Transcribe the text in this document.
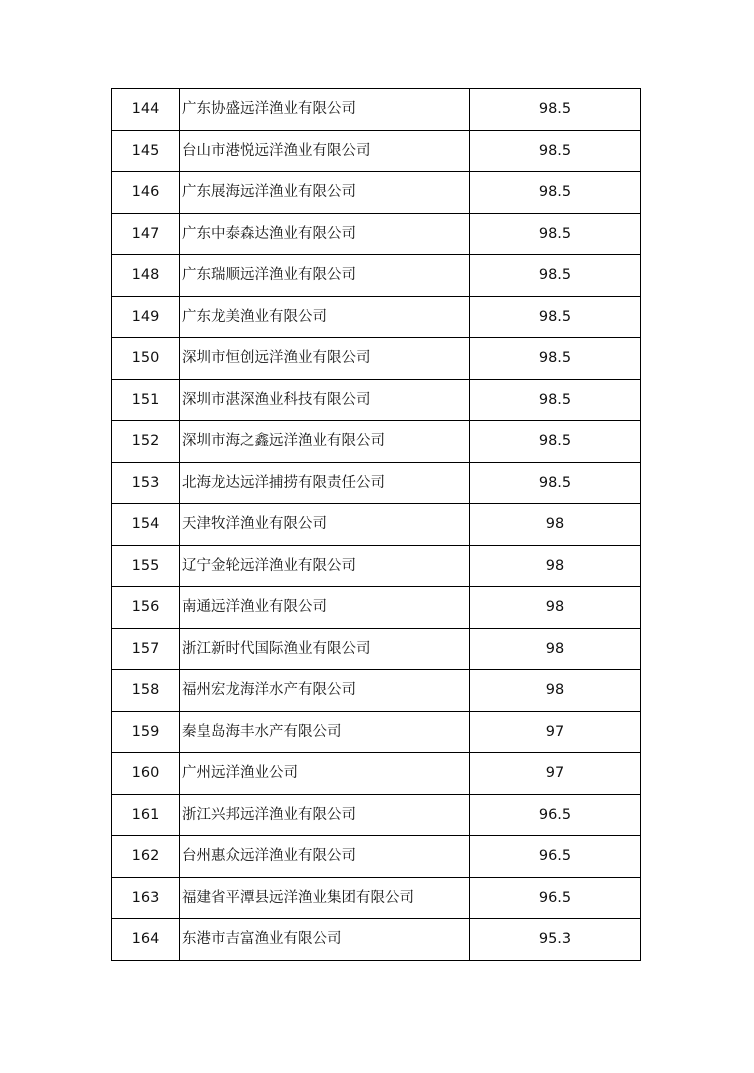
144	广东协盛远洋渔业有限公司	98.5
145	台山市港悦远洋渔业有限公司	98.5
146	广东展海远洋渔业有限公司	98.5
147	广东中泰森达渔业有限公司	98.5
148	广东瑞顺远洋渔业有限公司	98.5
149	广东龙美渔业有限公司	98.5
150	深圳市恒创远洋渔业有限公司	98.5
151	深圳市湛深渔业科技有限公司	98.5
152	深圳市海之鑫远洋渔业有限公司	98.5
153	北海龙达远洋捕捞有限责任公司	98.5
154	天津牧洋渔业有限公司	98
155	辽宁金轮远洋渔业有限公司	98
156	南通远洋渔业有限公司	98
157	浙江新时代国际渔业有限公司	98
158	福州宏龙海洋水产有限公司	98
159	秦皇岛海丰水产有限公司	97
160	广州远洋渔业公司	97
161	浙江兴邦远洋渔业有限公司	96.5
162	台州惠众远洋渔业有限公司	96.5
163	福建省平潭县远洋渔业集团有限公司	96.5
164	东港市吉富渔业有限公司	95.3
